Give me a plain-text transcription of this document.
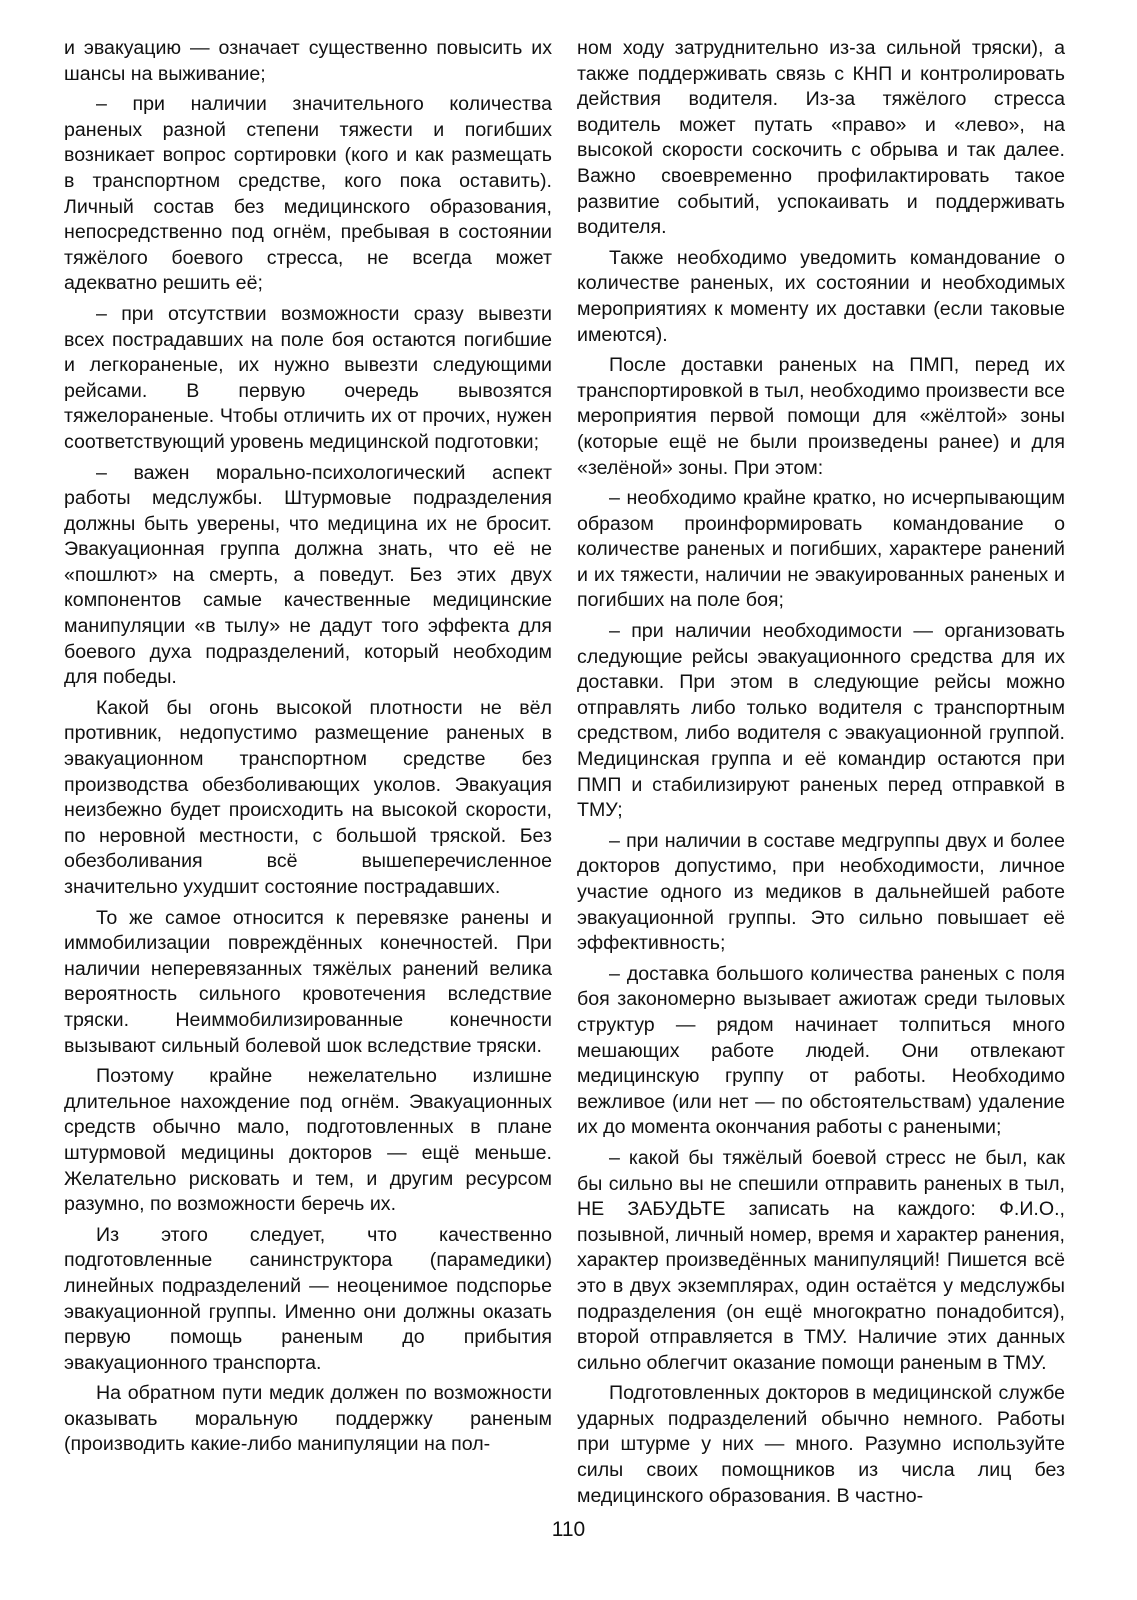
и эвакуацию — означает существенно повысить их шансы на выживание;

– при наличии значительного количества раненых разной степени тяжести и погибших возникает вопрос сортировки (кого и как размещать в транспортном средстве, кого пока оставить). Личный состав без медицинского образования, непосредственно под огнём, пребывая в состоянии тяжёлого боевого стресса, не всегда может адекватно решить её;

– при отсутствии возможности сразу вывезти всех пострадавших на поле боя остаются погибшие и легкораненые, их нужно вывезти следующими рейсами. В первую очередь вывозятся тяжелораненые. Чтобы отличить их от прочих, нужен соответствующий уровень медицинской подготовки;

– важен морально-психологический аспект работы медслужбы. Штурмовые подразделения должны быть уверены, что медицина их не бросит. Эвакуационная группа должна знать, что её не «пошлют» на смерть, а поведут. Без этих двух компонентов самые качественные медицинские манипуляции «в тылу» не дадут того эффекта для боевого духа подразделений, который необходим для победы.

Какой бы огонь высокой плотности не вёл противник, недопустимо размещение раненых в эвакуационном транспортном средстве без производства обезболивающих уколов. Эвакуация неизбежно будет происходить на высокой скорости, по неровной местности, с большой тряской. Без обезболивания всё вышеперечисленное значительно ухудшит состояние пострадавших.

То же самое относится к перевязке ранены и иммобилизации повреждённых конечностей. При наличии неперевязанных тяжёлых ранений велика вероятность сильного кровотечения вследствие тряски. Неиммобилизированные конечности вызывают сильный болевой шок вследствие тряски.

Поэтому крайне нежелательно излишне длительное нахождение под огнём. Эвакуационных средств обычно мало, подготовленных в плане штурмовой медицины докторов — ещё меньше. Желательно рисковать и тем, и другим ресурсом разумно, по возможности беречь их.

Из этого следует, что качественно подготовленные санинструктора (парамедики) линейных подразделений — неоценимое подспорье эвакуационной группы. Именно они должны оказать первую помощь раненым до прибытия эвакуационного транспорта.

На обратном пути медик должен по возможности оказывать моральную поддержку раненым (производить какие-либо манипуляции на пол-

ном ходу затруднительно из-за сильной тряски), а также поддерживать связь с КНП и контролировать действия водителя. Из-за тяжёлого стресса водитель может путать «право» и «лево», на высокой скорости соскочить с обрыва и так далее. Важно своевременно профилактировать такое развитие событий, успокаивать и поддерживать водителя.

Также необходимо уведомить командование о количестве раненых, их состоянии и необходимых мероприятиях к моменту их доставки (если таковые имеются).

После доставки раненых на ПМП, перед их транспортировкой в тыл, необходимо произвести все мероприятия первой помощи для «жёлтой» зоны (которые ещё не были произведены ранее) и для «зелёной» зоны. При этом:

– необходимо крайне кратко, но исчерпывающим образом проинформировать командование о количестве раненых и погибших, характере ранений и их тяжести, наличии не эвакуированных раненых и погибших на поле боя;

– при наличии необходимости — организовать следующие рейсы эвакуационного средства для их доставки. При этом в следующие рейсы можно отправлять либо только водителя с транспортным средством, либо водителя с эвакуационной группой. Медицинская группа и её командир остаются при ПМП и стабилизируют раненых перед отправкой в ТМУ;

– при наличии в составе медгруппы двух и более докторов допустимо, при необходимости, личное участие одного из медиков в дальнейшей работе эвакуационной группы. Это сильно повышает её эффективность;

– доставка большого количества раненых с поля боя закономерно вызывает ажиотаж среди тыловых структур — рядом начинает толпиться много мешающих работе людей. Они отвлекают медицинскую группу от работы. Необходимо вежливое (или нет — по обстоятельствам) удаление их до момента окончания работы с ранеными;

– какой бы тяжёлый боевой стресс не был, как бы сильно вы не спешили отправить раненых в тыл, НЕ ЗАБУДЬТЕ записать на каждого: Ф.И.О., позывной, личный номер, время и характер ранения, характер произведённых манипуляций! Пишется всё это в двух экземплярах, один остаётся у медслужбы подразделения (он ещё многократно понадобится), второй отправляется в ТМУ. Наличие этих данных сильно облегчит оказание помощи раненым в ТМУ.

Подготовленных докторов в медицинской службе ударных подразделений обычно немного. Работы при штурме у них — много. Разумно используйте силы своих помощников из числа лиц без медицинского образования. В частно-

110
